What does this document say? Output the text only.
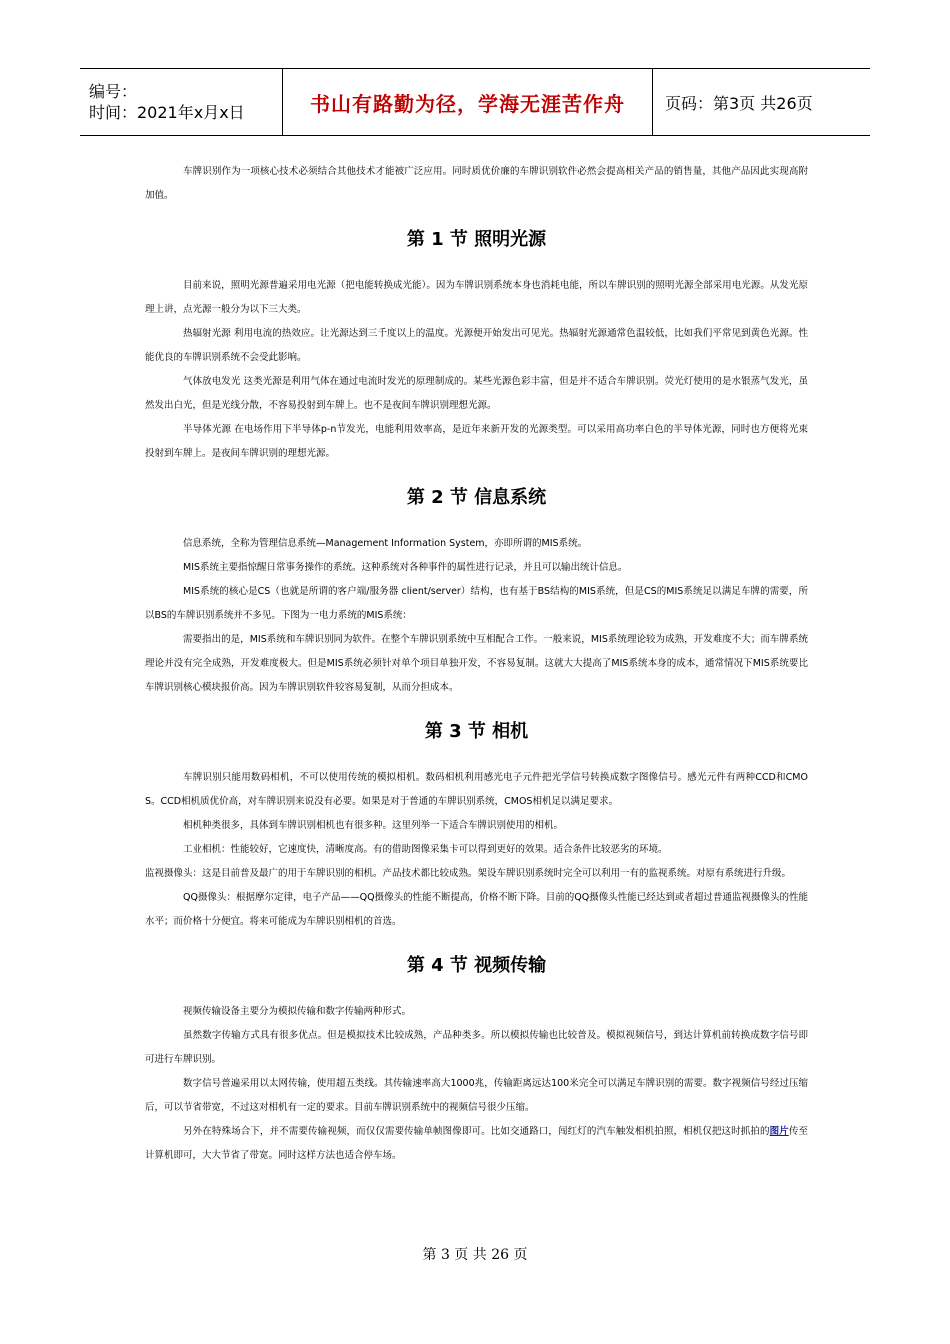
编号：
时间：2021年x月x日	书山有路勤为径，学海无涯苦作舟	页码：第3页 共26页

车牌识别作为一项核心技术必须结合其他技术才能被广泛应用。同时质优价廉的车牌识别软件必然会提高相关产品的销售量，其他产品因此实现高附加值。

第 1 节 照明光源

目前来说，照明光源普遍采用电光源（把电能转换成光能）。因为车牌识别系统本身也消耗电能，所以车牌识别的照明光源全部采用电光源。从发光原理上讲，点光源一般分为以下三大类。

热辐射光源 利用电流的热效应。让光源达到三千度以上的温度。光源便开始发出可见光。热辐射光源通常色温较低，比如我们平常见到黄色光源。性能优良的车牌识别系统不会受此影响。

气体放电发光 这类光源是利用气体在通过电流时发光的原理制成的。某些光源色彩丰富，但是并不适合车牌识别。荧光灯使用的是水银蒸气发光，虽然发出白光，但是光线分散，不容易投射到车牌上。也不是夜间车牌识别理想光源。

半导体光源 在电场作用下半导体p-n节发光，电能利用效率高，是近年来新开发的光源类型。可以采用高功率白色的半导体光源，同时也方便将光束投射到车牌上。是夜间车牌识别的理想光源。

第 2 节 信息系统

信息系统，全称为管理信息系统—Management Information System，亦即所谓的MIS系统。

MIS系统主要指惊醒日常事务操作的系统。这种系统对各种事件的属性进行记录，并且可以输出统计信息。

MIS系统的核心是CS（也就是所谓的客户端/服务器 client/server）结构，也有基于BS结构的MIS系统，但是CS的MIS系统足以满足车牌的需要，所以BS的车牌识别系统并不多见。下图为一电力系统的MIS系统：

需要指出的是，MIS系统和车牌识别同为软件。在整个车牌识别系统中互相配合工作。一般来说，MIS系统理论较为成熟，开发难度不大；而车牌系统理论并没有完全成熟，开发难度极大。但是MIS系统必须针对单个项目单独开发，不容易复制。这就大大提高了MIS系统本身的成本，通常情况下MIS系统要比车牌识别核心模块报价高。因为车牌识别软件较容易复制，从而分担成本。

第 3 节 相机

车牌识别只能用数码相机，不可以使用传统的模拟相机。数码相机利用感光电子元件把光学信号转换成数字图像信号。感光元件有两种CCD和CMOS。CCD相机质优价高，对车牌识别来说没有必要。如果是对于普通的车牌识别系统，CMOS相机足以满足要求。

相机种类很多，具体到车牌识别相机也有很多种。这里列举一下适合车牌识别使用的相机。

工业相机：性能较好，它速度快，清晰度高。有的借助图像采集卡可以得到更好的效果。适合条件比较恶劣的环境。

监视摄像头：这是目前普及最广的用于车牌识别的相机。产品技术都比较成熟。架设车牌识别系统时完全可以利用一有的监视系统。对原有系统进行升级。

QQ摄像头：根据摩尔定律，电子产品——QQ摄像头的性能不断提高，价格不断下降。目前的QQ摄像头性能已经达到或者超过普通监视摄像头的性能水平；而价格十分便宜。将来可能成为车牌识别相机的首选。

第 4 节 视频传输

视频传输设备主要分为模拟传输和数字传输两种形式。

虽然数字传输方式具有很多优点。但是模拟技术比较成熟，产品种类多。所以模拟传输也比较普及。模拟视频信号，到达计算机前转换成数字信号即可进行车牌识别。

数字信号普遍采用以太网传输，使用超五类线。其传输速率高大1000兆，传输距离远达100米完全可以满足车牌识别的需要。数字视频信号经过压缩后，可以节省带宽，不过这对相机有一定的要求。目前车牌识别系统中的视频信号很少压缩。

另外在特殊场合下，并不需要传输视频，而仅仅需要传输单帧图像即可。比如交通路口，闯红灯的汽车触发相机拍照，相机仅把这时抓拍的图片传至计算机即可，大大节省了带宽。同时这样方法也适合停车场。

第 3 页 共 26 页
